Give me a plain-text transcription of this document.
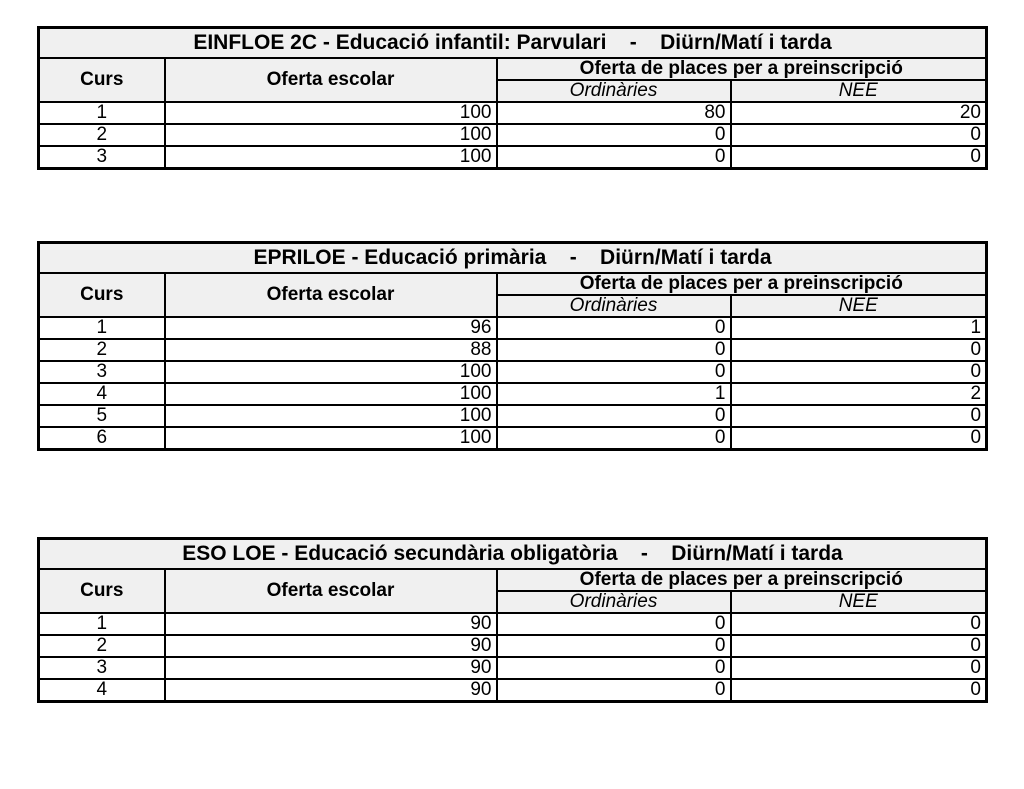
EINFLOE 2C - Educació infantil: Parvulari - Diürn/Matí i tarda			
Curs	Oferta escolar	Oferta de places per a preinscripció	
		Ordinàries	NEE
1	100	80	20
2	100	0	0
3	100	0	0
EPRILOE - Educació primària - Diürn/Matí i tarda			
Curs	Oferta escolar	Oferta de places per a preinscripció	
		Ordinàries	NEE
1	96	0	1
2	88	0	0
3	100	0	0
4	100	1	2
5	100	0	0
6	100	0	0
ESO LOE - Educació secundària obligatòria - Diürn/Matí i tarda			
Curs	Oferta escolar	Oferta de places per a preinscripció	
		Ordinàries	NEE
1	90	0	0
2	90	0	0
3	90	0	0
4	90	0	0
